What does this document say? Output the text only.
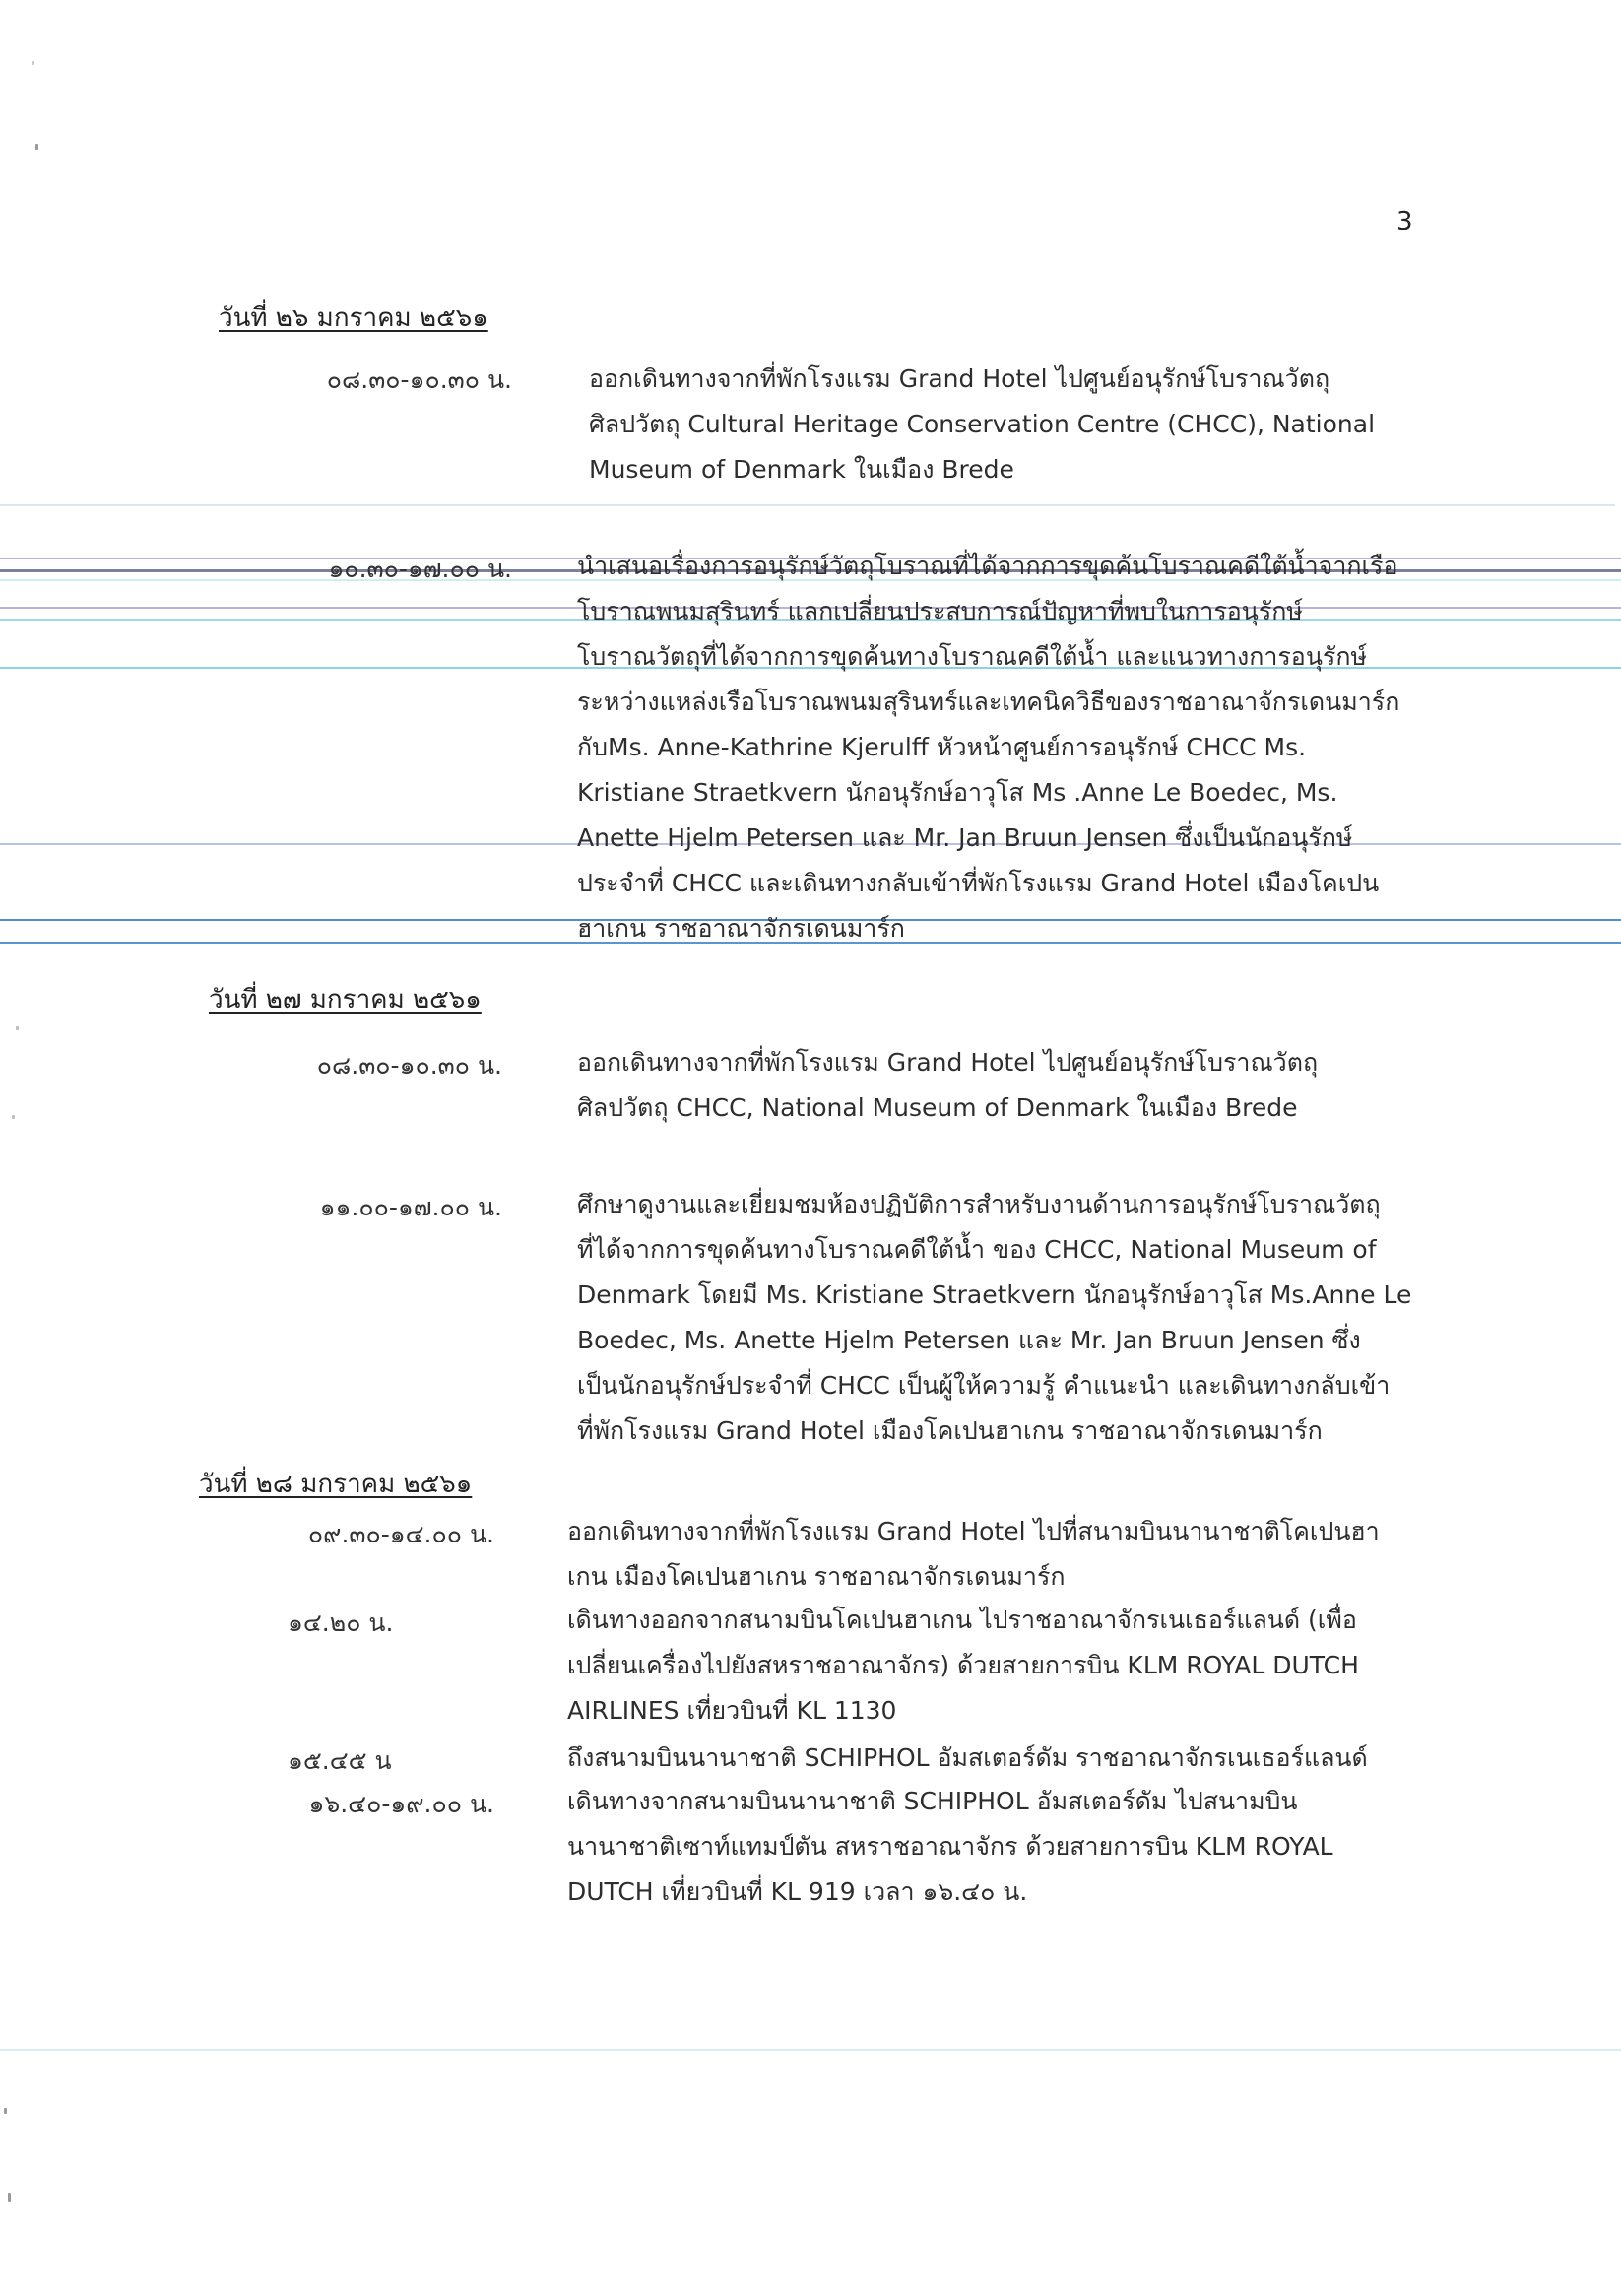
3
วันที่ ๒๖ มกราคม ๒๕๖๑
๐๘.๓๐-๑๐.๓๐ น.	ออกเดินทางจากที่พักโรงแรม Grand Hotel ไปศูนย์อนุรักษ์โบราณวัตถุ
ศิลปวัตถุ Cultural Heritage Conservation Centre (CHCC), National
Museum of Denmark ในเมือง Brede
๑๐.๓๐-๑๗.๐๐ น.	นำเสนอเรื่องการอนุรักษ์วัตถุโบราณที่ได้จากการขุดค้นโบราณคดีใต้น้ำจากเรือ
โบราณพนมสุรินทร์ แลกเปลี่ยนประสบการณ์ปัญหาที่พบในการอนุรักษ์
โบราณวัตถุที่ได้จากการขุดค้นทางโบราณคดีใต้น้ำ และแนวทางการอนุรักษ์
ระหว่างแหล่งเรือโบราณพนมสุรินทร์และเทคนิควิธีของราชอาณาจักรเดนมาร์ก
กับMs. Anne-Kathrine Kjerulff หัวหน้าศูนย์การอนุรักษ์ CHCC Ms.
Kristiane Straetkvern นักอนุรักษ์อาวุโส Ms .Anne Le Boedec, Ms.
Anette Hjelm Petersen และ Mr. Jan Bruun Jensen ซึ่งเป็นนักอนุรักษ์
ประจำที่ CHCC และเดินทางกลับเข้าที่พักโรงแรม Grand Hotel เมืองโคเปน
ฮาเกน ราชอาณาจักรเดนมาร์ก
วันที่ ๒๗ มกราคม ๒๕๖๑
๐๘.๓๐-๑๐.๓๐ น.	ออกเดินทางจากที่พักโรงแรม Grand Hotel ไปศูนย์อนุรักษ์โบราณวัตถุ
ศิลปวัตถุ CHCC, National Museum of Denmark ในเมือง Brede
๑๑.๐๐-๑๗.๐๐ น.	ศึกษาดูงานและเยี่ยมชมห้องปฏิบัติการสำหรับงานด้านการอนุรักษ์โบราณวัตถุ
ที่ได้จากการขุดค้นทางโบราณคดีใต้น้ำ ของ CHCC, National Museum of
Denmark โดยมี Ms. Kristiane Straetkvern นักอนุรักษ์อาวุโส Ms.Anne Le
Boedec, Ms. Anette Hjelm Petersen และ Mr. Jan Bruun Jensen ซึ่ง
เป็นนักอนุรักษ์ประจำที่ CHCC เป็นผู้ให้ความรู้ คำแนะนำ และเดินทางกลับเข้า
ที่พักโรงแรม Grand Hotel เมืองโคเปนฮาเกน ราชอาณาจักรเดนมาร์ก
วันที่ ๒๘ มกราคม ๒๕๖๑
๐๙.๓๐-๑๔.๐๐ น.	ออกเดินทางจากที่พักโรงแรม Grand Hotel ไปที่สนามบินนานาชาติโคเปนฮา
เกน เมืองโคเปนฮาเกน ราชอาณาจักรเดนมาร์ก
๑๔.๒๐ น.	เดินทางออกจากสนามบินโคเปนฮาเกน ไปราชอาณาจักรเนเธอร์แลนด์ (เพื่อ
เปลี่ยนเครื่องไปยังสหราชอาณาจักร) ด้วยสายการบิน KLM ROYAL DUTCH
AIRLINES เที่ยวบินที่ KL 1130
๑๕.๔๕ น	ถึงสนามบินนานาชาติ SCHIPHOL อัมสเตอร์ดัม ราชอาณาจักรเนเธอร์แลนด์
๑๖.๔๐-๑๙.๐๐ น.	เดินทางจากสนามบินนานาชาติ SCHIPHOL อัมสเตอร์ดัม ไปสนามบิน
นานาชาติเซาท์แทมป์ตัน สหราชอาณาจักร ด้วยสายการบิน KLM ROYAL
DUTCH เที่ยวบินที่ KL 919 เวลา ๑๖.๔๐ น.
